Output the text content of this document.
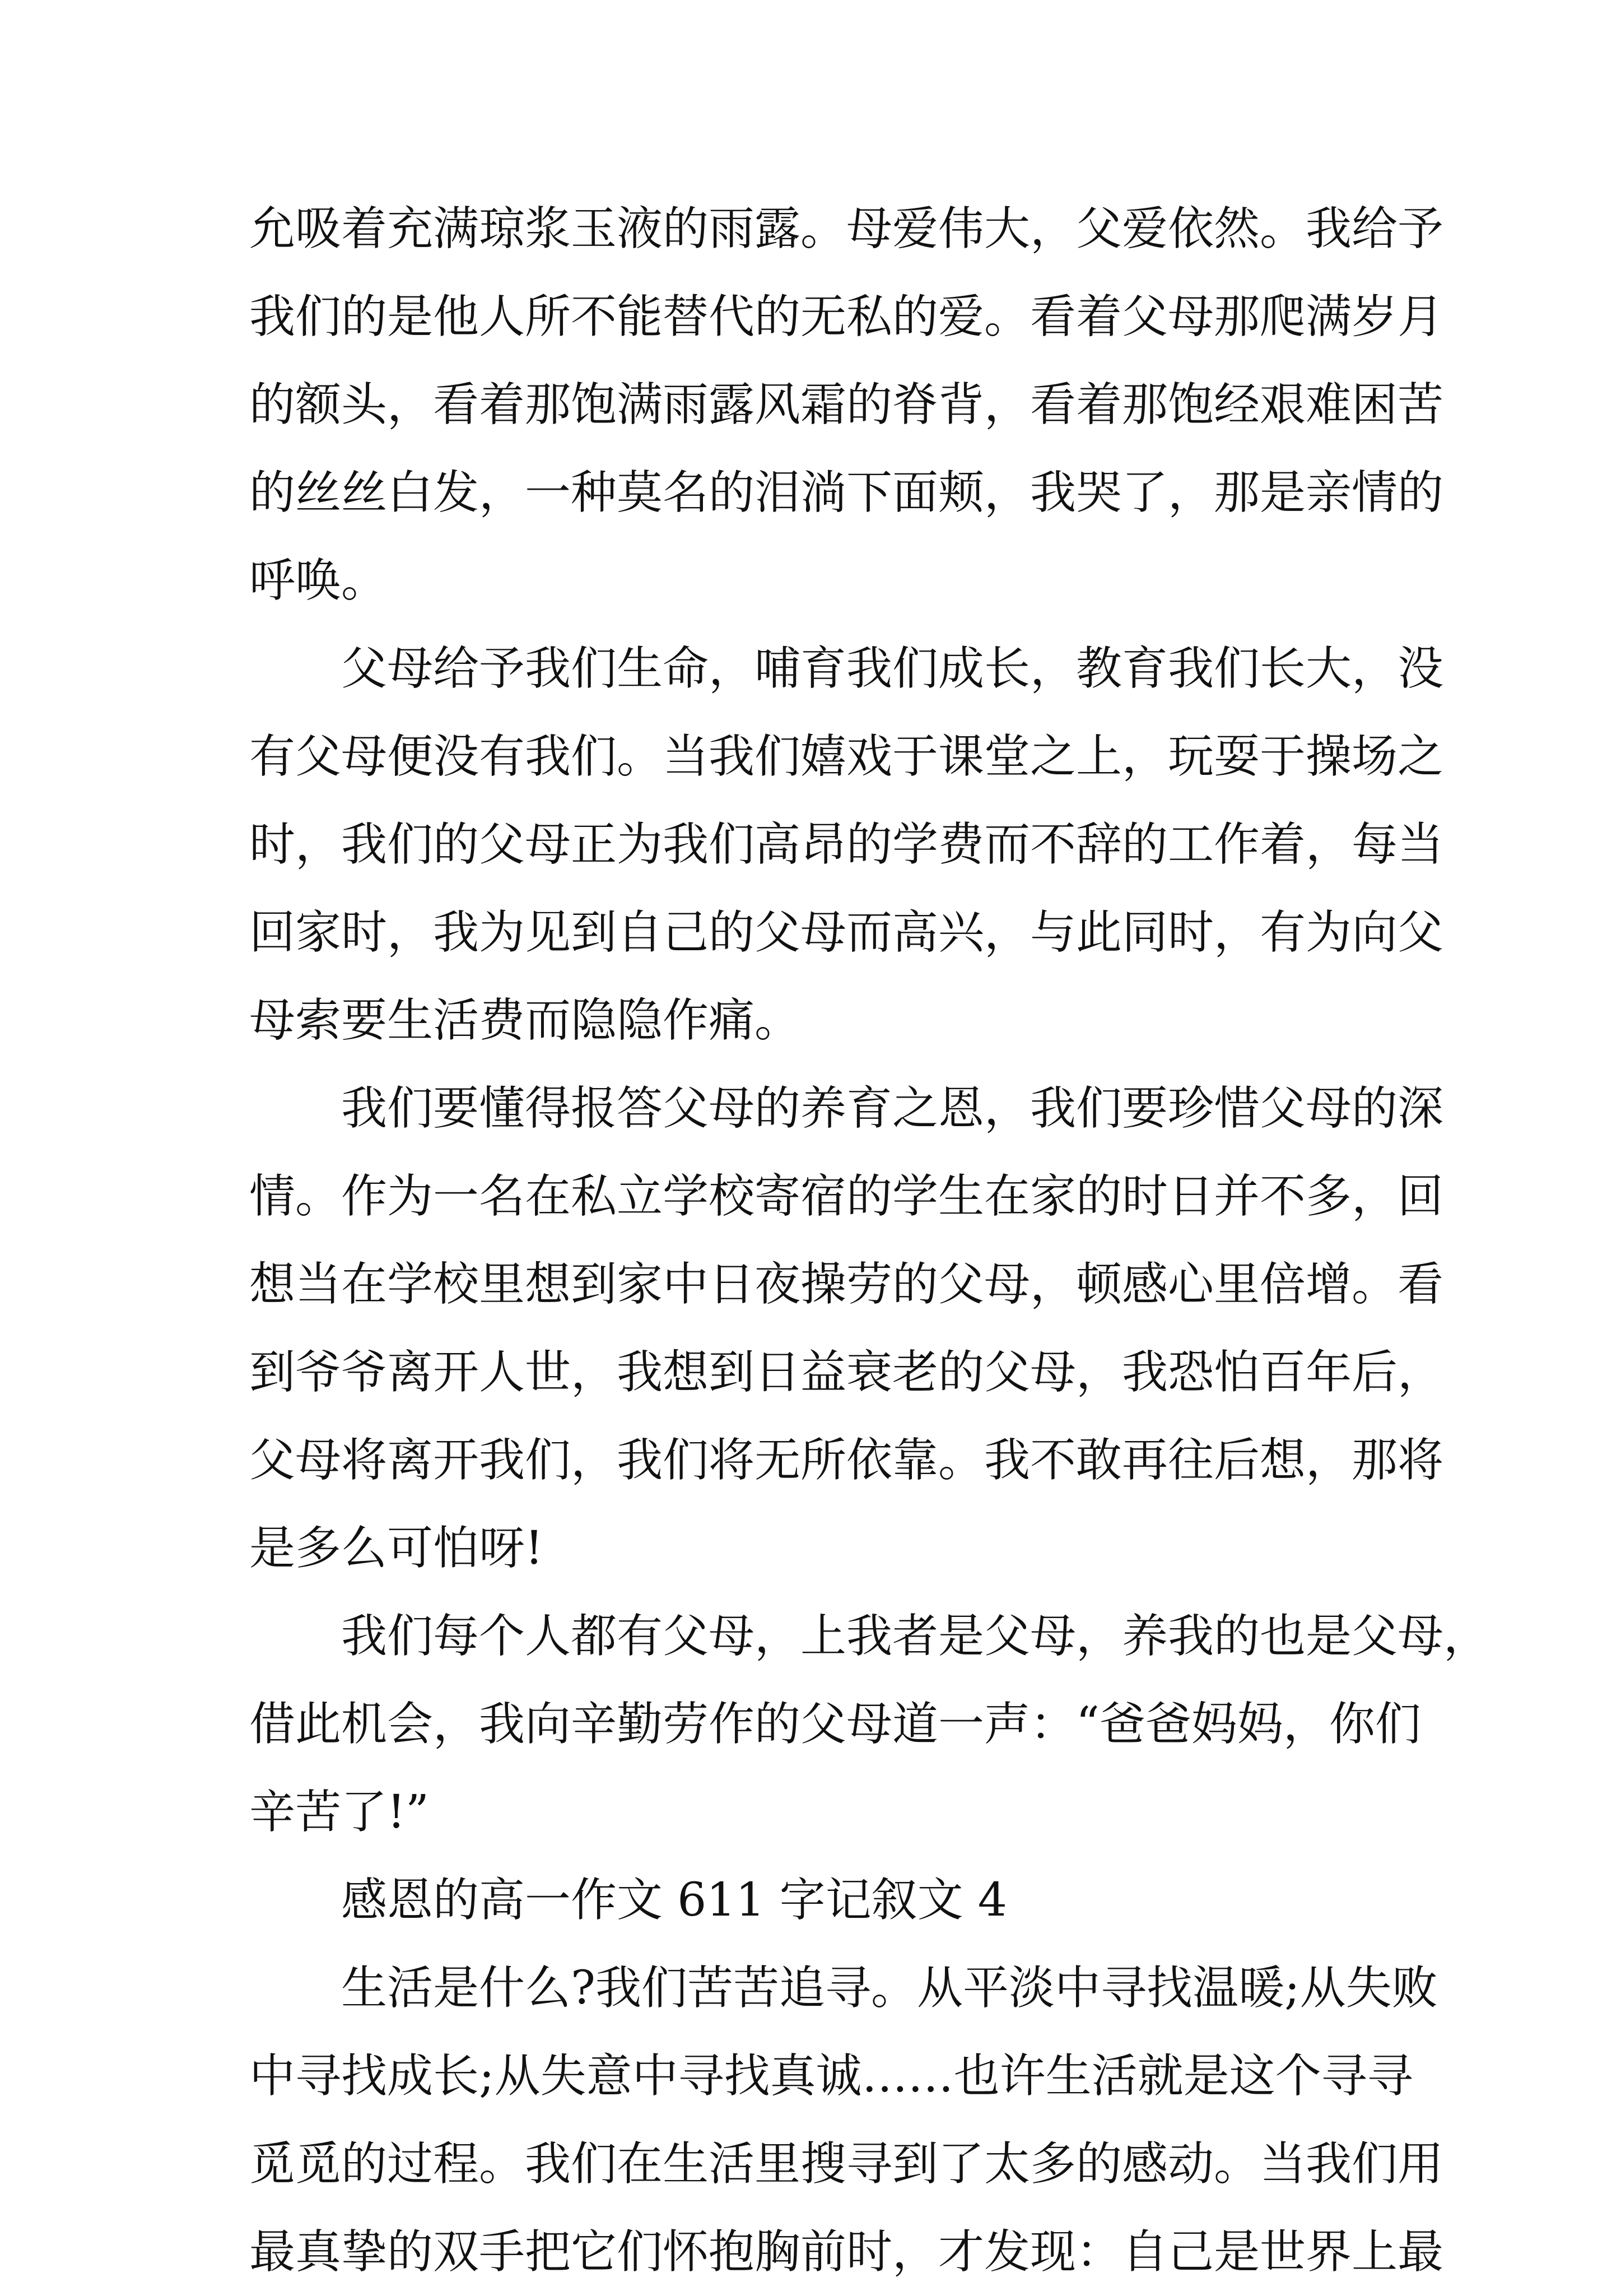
允吸着充满琼浆玉液的雨露。母爱伟大，父爱依然。我给予
我们的是他人所不能替代的无私的爱。看着父母那爬满岁月
的额头，看着那饱满雨露风霜的脊背，看着那饱经艰难困苦
的丝丝白发，一种莫名的泪淌下面颊，我哭了，那是亲情的
呼唤。
父母给予我们生命，哺育我们成长，教育我们长大，没
有父母便没有我们。当我们嬉戏于课堂之上，玩耍于操场之
时，我们的父母正为我们高昂的学费而不辞的工作着，每当
回家时，我为见到自己的父母而高兴，与此同时，有为向父
母索要生活费而隐隐作痛。
我们要懂得报答父母的养育之恩，我们要珍惜父母的深
情。作为一名在私立学校寄宿的学生在家的时日并不多，回
想当在学校里想到家中日夜操劳的父母，顿感心里倍增。看
到爷爷离开人世，我想到日益衰老的父母，我恐怕百年后，
父母将离开我们，我们将无所依靠。我不敢再往后想，那将
是多么可怕呀!
我们每个人都有父母，上我者是父母，养我的也是父母，
借此机会，我向辛勤劳作的父母道一声：“爸爸妈妈，你们
辛苦了!”
感恩的高一作文 611 字记叙文 4
生活是什么?我们苦苦追寻。从平淡中寻找温暖;从失败
中寻找成长;从失意中寻找真诚……也许生活就是这个寻寻
觅觅的过程。我们在生活里搜寻到了太多的感动。当我们用
最真挚的双手把它们怀抱胸前时，才发现：自己是世界上最
